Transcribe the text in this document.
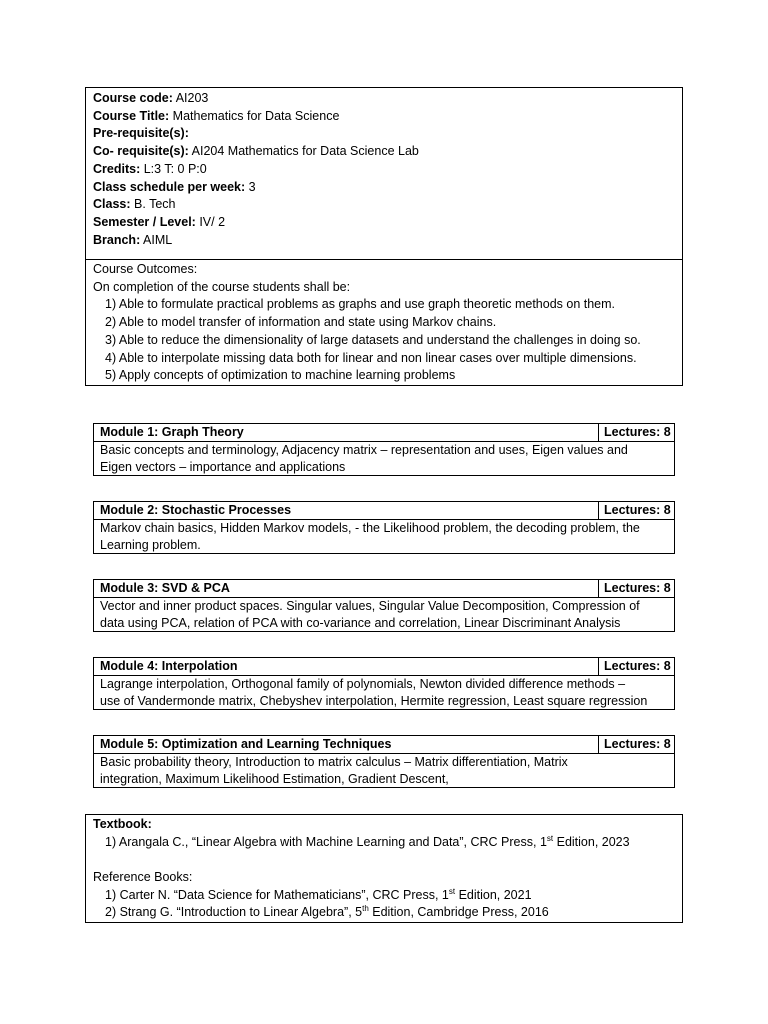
Course code: AI203
Course Title: Mathematics for Data Science
Pre-requisite(s):
Co- requisite(s): AI204 Mathematics for Data Science Lab
Credits: L:3 T: 0 P:0
Class schedule per week: 3
Class: B. Tech
Semester / Level: IV/ 2
Branch: AIML
Course Outcomes:
On completion of the course students shall be:
1) Able to formulate practical problems as graphs and use graph theoretic methods on them.
2) Able to model transfer of information and state using Markov chains.
3) Able to reduce the dimensionality of large datasets and understand the challenges in doing so.
4) Able to interpolate missing data both for linear and non linear cases over multiple dimensions.
5) Apply concepts of optimization to machine learning problems
Module 1: Graph Theory	Lectures: 8
Basic concepts and terminology, Adjacency matrix – representation and uses, Eigen values and
Eigen vectors – importance and applications
Module 2: Stochastic Processes	Lectures: 8
Markov chain basics, Hidden Markov models, - the Likelihood problem, the decoding problem, the
Learning problem.
Module 3: SVD & PCA	Lectures: 8
Vector and inner product spaces. Singular values, Singular Value Decomposition, Compression of
data using PCA, relation of PCA with co-variance and correlation, Linear Discriminant Analysis
Module 4: Interpolation	Lectures: 8
Lagrange interpolation, Orthogonal family of polynomials, Newton divided difference methods –
use of Vandermonde matrix, Chebyshev interpolation, Hermite regression, Least square regression
Module 5: Optimization and Learning Techniques	Lectures: 8
Basic probability theory, Introduction to matrix calculus – Matrix differentiation, Matrix
integration, Maximum Likelihood Estimation, Gradient Descent,
Textbook:
1) Arangala C., “Linear Algebra with Machine Learning and Data”, CRC Press, 1st Edition, 2023
Reference Books:
1) Carter N. “Data Science for Mathematicians”, CRC Press, 1st Edition, 2021
2) Strang G. “Introduction to Linear Algebra”, 5th Edition, Cambridge Press, 2016
